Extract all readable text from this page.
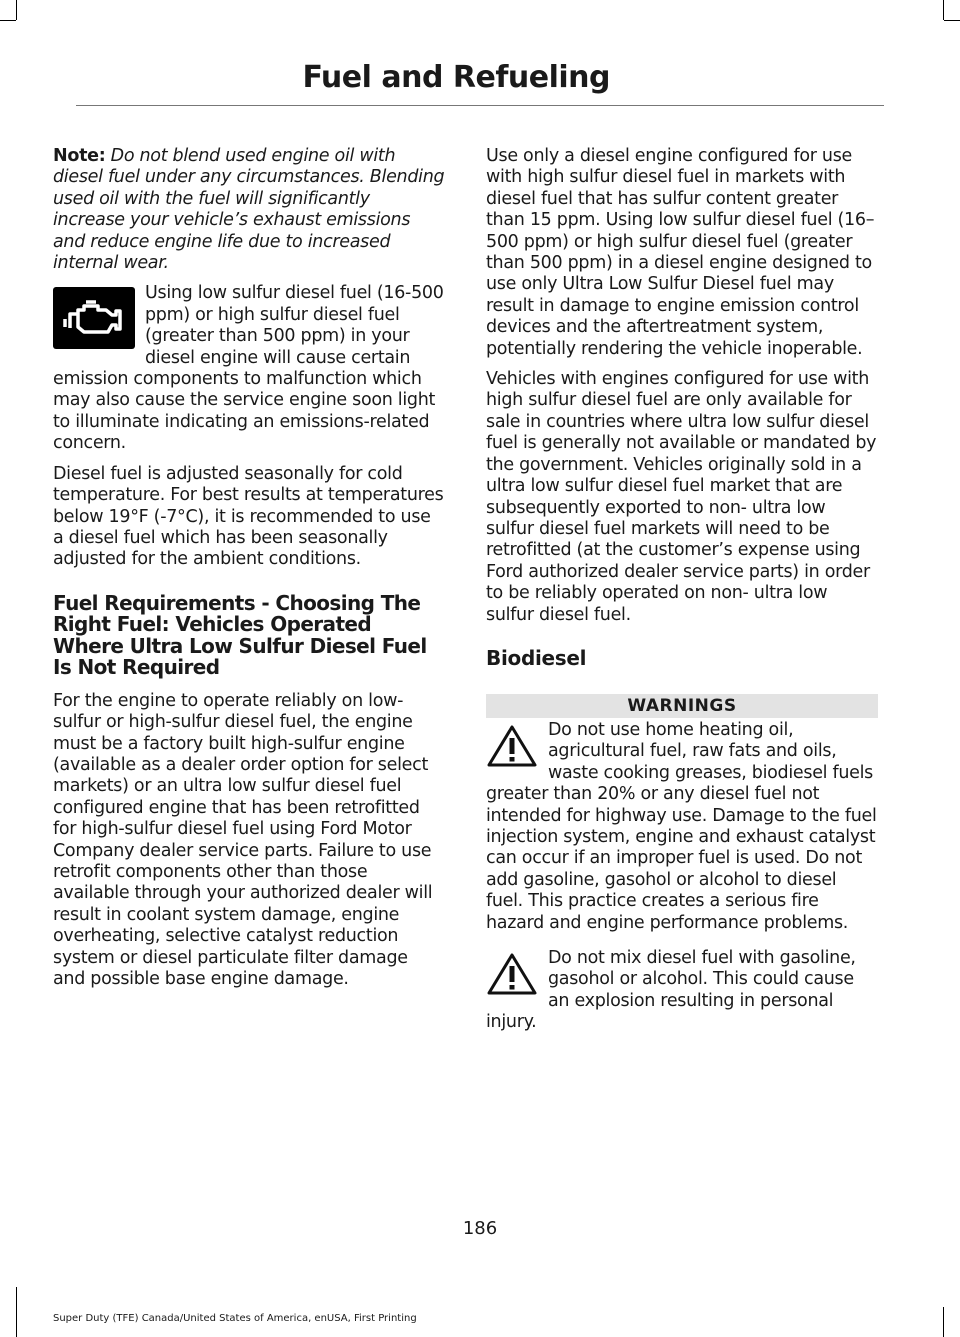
Fuel and Refueling

Note: Do not blend used engine oil with diesel fuel under any circumstances. Blending used oil with the fuel will significantly increase your vehicle’s exhaust emissions and reduce engine life due to increased internal wear.

Using low sulfur diesel fuel (16-500 ppm) or high sulfur diesel fuel (greater than 500 ppm) in your diesel engine will cause certain emission components to malfunction which may also cause the service engine soon light to illuminate indicating an emissions-related concern.

Diesel fuel is adjusted seasonally for cold temperature. For best results at temperatures below 19°F (-7°C), it is recommended to use a diesel fuel which has been seasonally adjusted for the ambient conditions.

Fuel Requirements - Choosing The Right Fuel: Vehicles Operated Where Ultra Low Sulfur Diesel Fuel Is Not Required

For the engine to operate reliably on low-sulfur or high-sulfur diesel fuel, the engine must be a factory built high-sulfur engine (available as a dealer order option for select markets) or an ultra low sulfur diesel fuel configured engine that has been retrofitted for high-sulfur diesel fuel using Ford Motor Company dealer service parts. Failure to use retrofit components other than those available through your authorized dealer will result in coolant system damage, engine overheating, selective catalyst reduction system or diesel particulate filter damage and possible base engine damage.

Use only a diesel engine configured for use with high sulfur diesel fuel in markets with diesel fuel that has sulfur content greater than 15 ppm. Using low sulfur diesel fuel (16–500 ppm) or high sulfur diesel fuel (greater than 500 ppm) in a diesel engine designed to use only Ultra Low Sulfur Diesel fuel may result in damage to engine emission control devices and the aftertreatment system, potentially rendering the vehicle inoperable.

Vehicles with engines configured for use with high sulfur diesel fuel are only available for sale in countries where ultra low sulfur diesel fuel is generally not available or mandated by the government. Vehicles originally sold in a ultra low sulfur diesel fuel market that are subsequently exported to non- ultra low sulfur diesel fuel markets will need to be retrofitted (at the customer’s expense using Ford authorized dealer service parts) in order to be reliably operated on non- ultra low sulfur diesel fuel.

Biodiesel
WARNINGS

Do not use home heating oil, agricultural fuel, raw fats and oils, waste cooking greases, biodiesel fuels greater than 20% or any diesel fuel not intended for highway use. Damage to the fuel injection system, engine and exhaust catalyst can occur if an improper fuel is used. Do not add gasoline, gasohol or alcohol to diesel fuel. This practice creates a serious fire hazard and engine performance problems.

Do not mix diesel fuel with gasoline, gasohol or alcohol. This could cause an explosion resulting in personal injury.

186
Super Duty (TFE) Canada/United States of America, enUSA, First Printing
